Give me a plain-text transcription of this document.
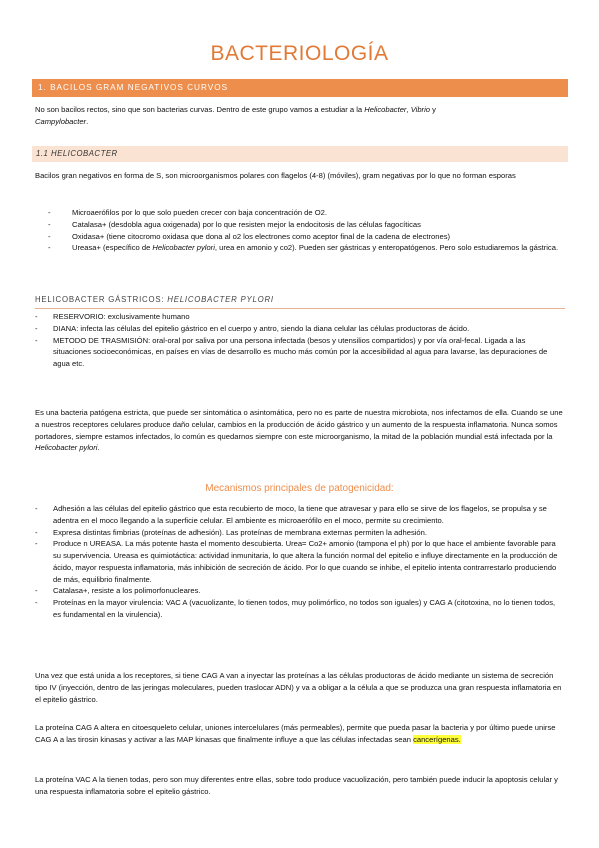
BACTERIOLOGÍA
1. BACILOS GRAM NEGATIVOS CURVOS

No son bacilos rectos, sino que son bacterias curvas. Dentro de este grupo vamos a estudiar a la Helicobacter, Vibrio y
Campylobacter.

1.1 HELICOBACTER

Bacilos gran negativos en forma de S, son microorganismos polares con flagelos (4-8) (móviles), gram negativas por lo que no forman esporas

-	Microaerófilos por lo que solo pueden crecer con baja concentración de O2.
-	Catalasa+ (desdobla agua oxigenada) por lo que resisten mejor la endocitosis de las células fagocíticas
-	Oxidasa+ (tiene citocromo oxidasa que dona al o2 los electrones como aceptor final de la cadena de electrones)
-	Ureasa+ (específico de Helicobacter pylori, urea en amonio y co2). Pueden ser gástricas y enteropatógenos. Pero solo estudiaremos la gástrica.
HELICOBACTER GÁSTRICOS: HELICOBACTER PYLORI
- RESERVORIO: exclusivamente humano
- DIANA: infecta las células del epitelio gástrico en el cuerpo y antro, siendo la diana celular las células productoras de ácido.
- METODO DE TRASMISIÓN: oral-oral por saliva por una persona infectada (besos y utensilios compartidos) y por vía oral-fecal. Ligada a las situaciones socioeconómicas, en países en vías de desarrollo es mucho más común por la accesibilidad al agua para lavarse, las depuraciones de agua etc.

Es una bacteria patógena estricta, que puede ser sintomática o asintomática, pero no es parte de nuestra microbiota, nos infectamos de ella. Cuando se une a nuestros receptores celulares produce daño celular, cambios en la producción de ácido gástrico y un aumento de la respuesta inflamatoria. Nunca somos portadores, siempre estamos infectados, lo común es quedarnos siempre con este microorganismo, la mitad de la población mundial está infectada por la Helicobacter pylori.

Mecanismos principales de patogenicidad:
- Adhesión a las células del epitelio gástrico que esta recubierto de moco, la tiene que atravesar y para ello se sirve de los flagelos, se propulsa y se adentra en el moco llegando a la superficie celular. El ambiente es microaerófilo en el moco, permite su crecimiento.
- Expresa distintas fimbrias (proteínas de adhesión). Las proteínas de membrana externas permiten la adhesión.
- Produce n UREASA. La más potente hasta el momento descubierta. Urea= Co2+ amonio (tampona el ph) por lo que hace el ambiente favorable para su supervivencia. Ureasa es quimiotáctica: actividad inmunitaria, lo que altera la función normal del epitelio e influye directamente en la producción de ácido, mayor respuesta inflamatoria, más inhibición de secreción de ácido. Por lo que cuando se inhibe, el epitelio intenta contrarrestarlo produciendo de más, equilibrio finalmente.
- Catalasa+, resiste a los polimorfonucleares.
- Proteínas en la mayor virulencia: VAC A (vacuolizante, lo tienen todos, muy polimórfico, no todos son iguales) y CAG A (citotoxina, no lo tienen todos, es fundamental en la virulencia).

Una vez que está unida a los receptores, si tiene CAG A van a inyectar las proteínas a las células productoras de ácido mediante un sistema de secreción tipo IV (inyección, dentro de las jeringas moleculares, pueden traslocar ADN) y va a obligar a la célula a que se produzca una gran respuesta inflamatoria en el epitelio gástrico.

La proteína CAG A altera en citoesqueleto celular, uniones intercelulares (más permeables), permite que pueda pasar la bacteria y por último puede unirse CAG A a las tirosin kinasas y activar a las MAP kinasas que finalmente influye a que las células infectadas sean cancerígenas.

La proteína VAC A la tienen todas, pero son muy diferentes entre ellas, sobre todo produce vacuolización, pero también puede inducir la apoptosis celular y una respuesta inflamatoria sobre el epitelio gástrico.
